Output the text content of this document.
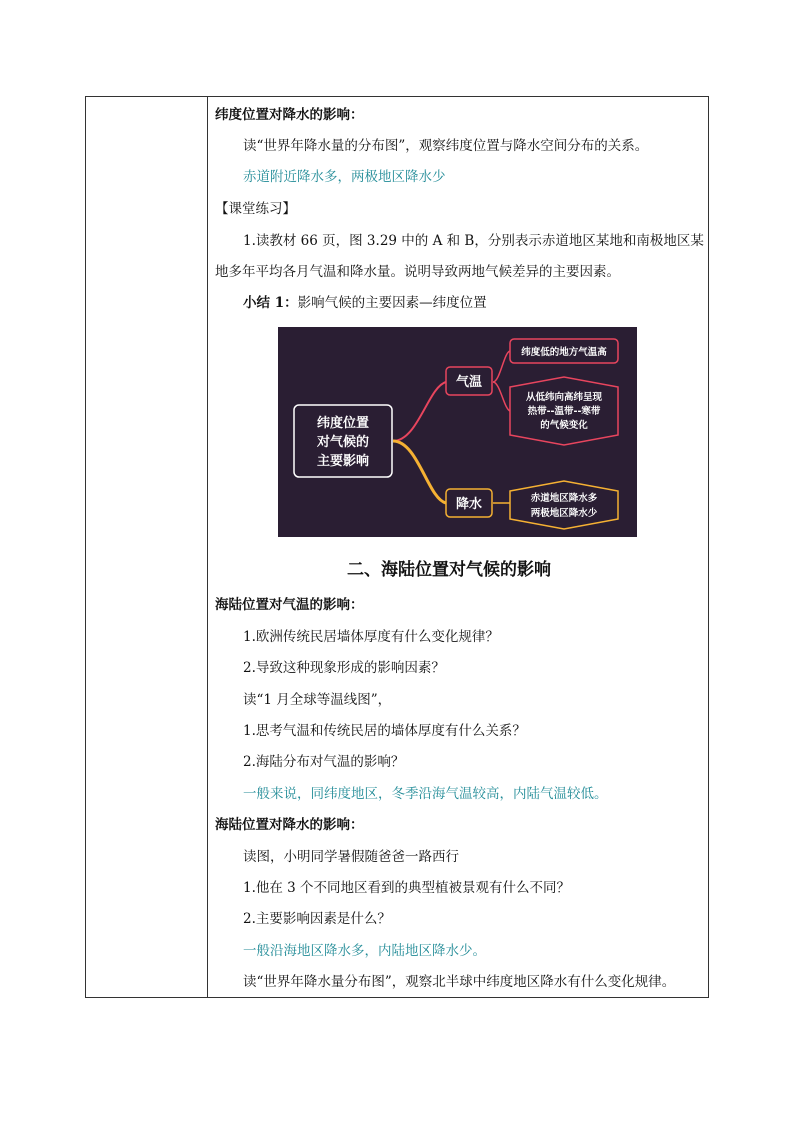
纬度位置对降水的影响：
读“世界年降水量的分布图”，观察纬度位置与降水空间分布的关系。
赤道附近降水多，两极地区降水少
【课堂练习】
1.读教材 66 页，图 3.29 中的 A 和 B，分别表示赤道地区某地和南极地区某
地多年平均各月气温和降水量。说明导致两地气候差异的主要因素。
小结 1：影响气候的主要因素—纬度位置
纬度位置
对气候的
主要影响
气温
纬度低的地方气温高
从低纬向高纬呈现
热带--温带--寒带
的气候变化
降水	赤道地区降水多
两极地区降水少
二、海陆位置对气候的影响
海陆位置对气温的影响：
1.欧洲传统民居墙体厚度有什么变化规律？
2.导致这种现象形成的影响因素？
读“1 月全球等温线图”，
1.思考气温和传统民居的墙体厚度有什么关系？
2.海陆分布对气温的影响？
一般来说，同纬度地区，冬季沿海气温较高，内陆气温较低。
海陆位置对降水的影响：
读图，小明同学暑假随爸爸一路西行
1.他在 3 个不同地区看到的典型植被景观有什么不同？
2.主要影响因素是什么？
一般沿海地区降水多，内陆地区降水少。
读“世界年降水量分布图”，观察北半球中纬度地区降水有什么变化规律。
